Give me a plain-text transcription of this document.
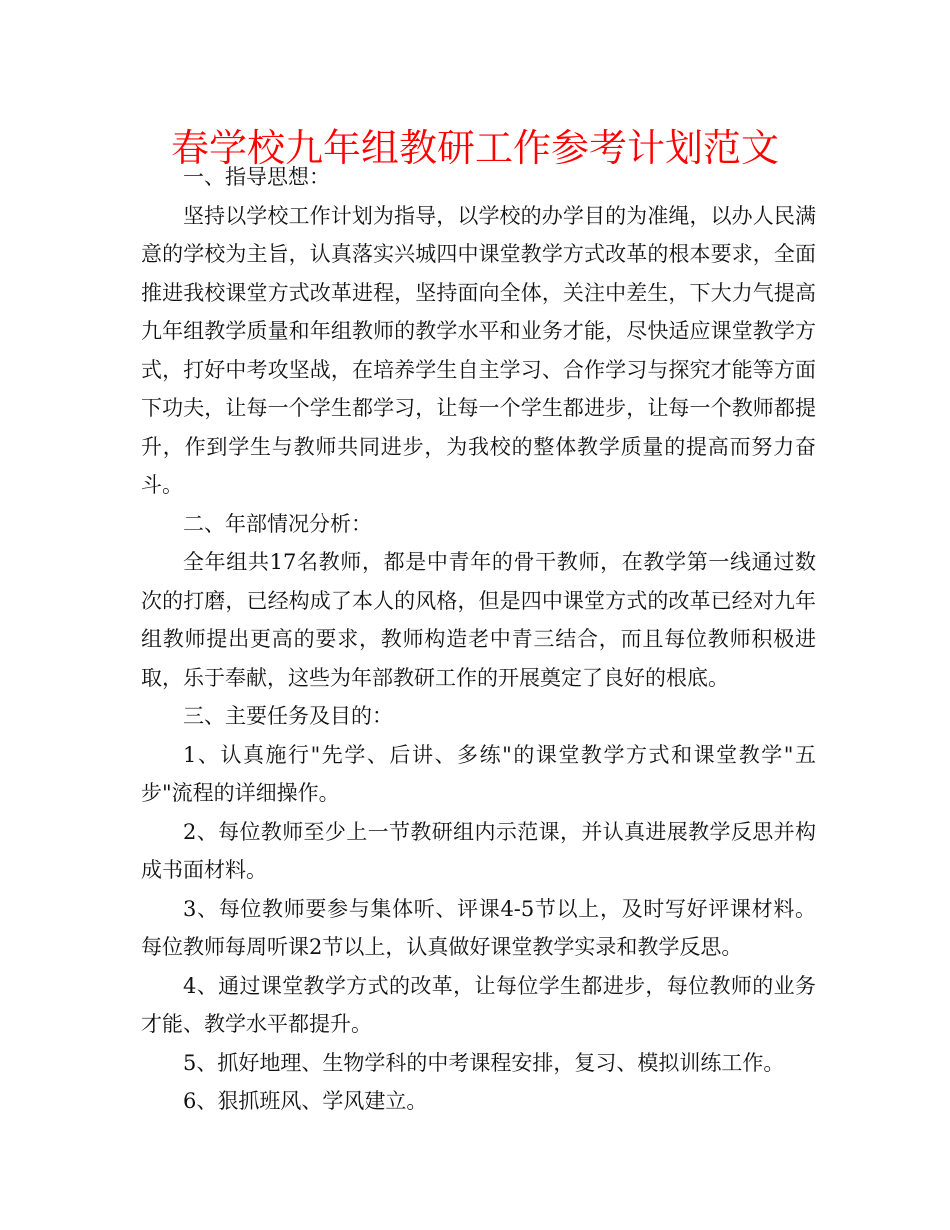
春学校九年组教研工作参考计划范文

一、指导思想：

坚持以学校工作计划为指导，以学校的办学目的为准绳，以办人民满意的学校为主旨，认真落实兴城四中课堂教学方式改革的根本要求，全面推进我校课堂方式改革进程，坚持面向全体，关注中差生，下大力气提高九年组教学质量和年组教师的教学水平和业务才能，尽快适应课堂教学方式，打好中考攻坚战，在培养学生自主学习、合作学习与探究才能等方面下功夫，让每一个学生都学习，让每一个学生都进步，让每一个教师都提升，作到学生与教师共同进步，为我校的整体教学质量的提高而努力奋斗。

二、年部情况分析：

全年组共17名教师，都是中青年的骨干教师，在教学第一线通过数次的打磨，已经构成了本人的风格，但是四中课堂方式的改革已经对九年组教师提出更高的要求，教师构造老中青三结合，而且每位教师积极进取，乐于奉献，这些为年部教研工作的开展奠定了良好的根底。

三、主要任务及目的：

1、认真施行"先学、后讲、多练"的课堂教学方式和课堂教学"五步"流程的详细操作。

2、每位教师至少上一节教研组内示范课，并认真进展教学反思并构成书面材料。

3、每位教师要参与集体听、评课4-5节以上，及时写好评课材料。每位教师每周听课2节以上，认真做好课堂教学实录和教学反思。

4、通过课堂教学方式的改革，让每位学生都进步，每位教师的业务才能、教学水平都提升。

5、抓好地理、生物学科的中考课程安排，复习、模拟训练工作。

6、狠抓班风、学风建立。
